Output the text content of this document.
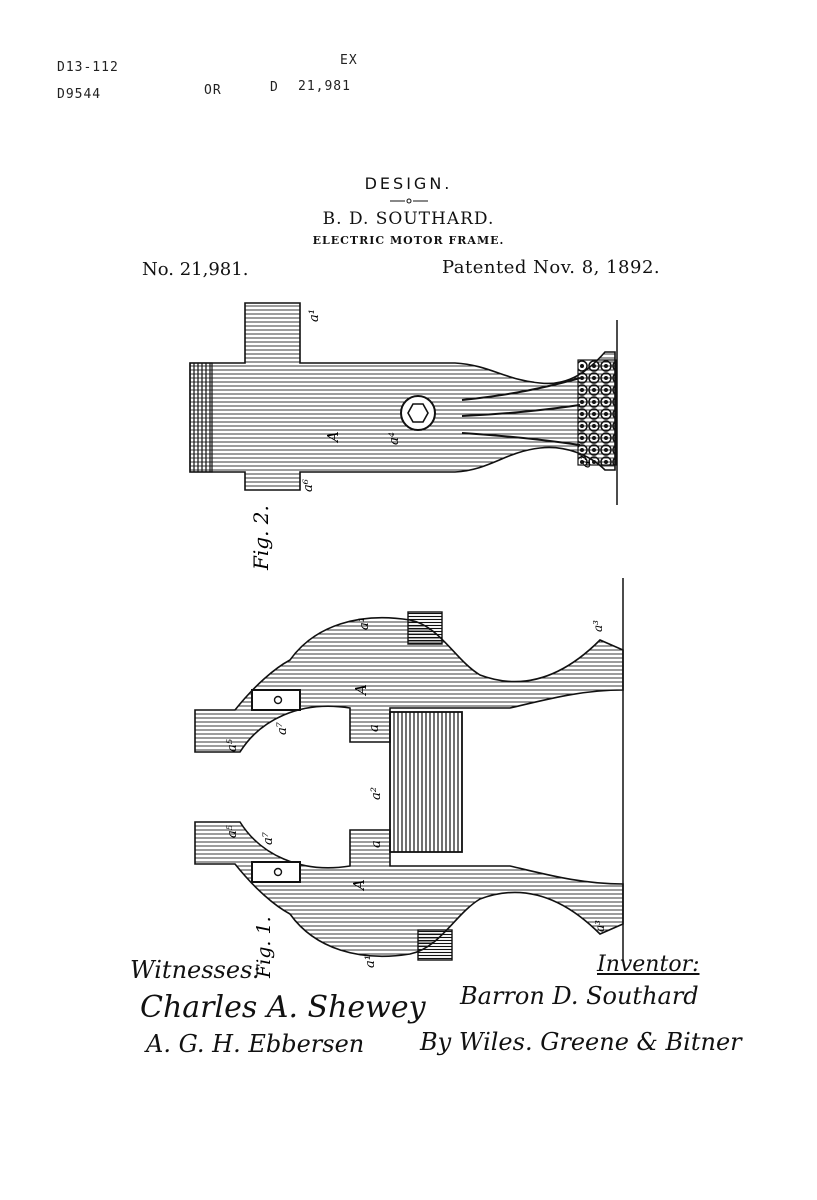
D13-112
D9544
EX
OR	D 21,981
DESIGN.
B. D. SOUTHARD.
ELECTRIC MOTOR FRAME.
No. 21,981.	Patented Nov. 8, 1892.
a¹
A	a⁴
a⁶
a³
Fig. 2.
a¹
A
a⁷
a⁵
a
a²
a³
a
a⁵
a⁷
A
a¹
a³
Fig. 1.
Witnesses:
Charles A. Shewey
A. G. H. Ebbersen
Inventor:
Barron D. Southard
By Wiles. Greene & Bitner
